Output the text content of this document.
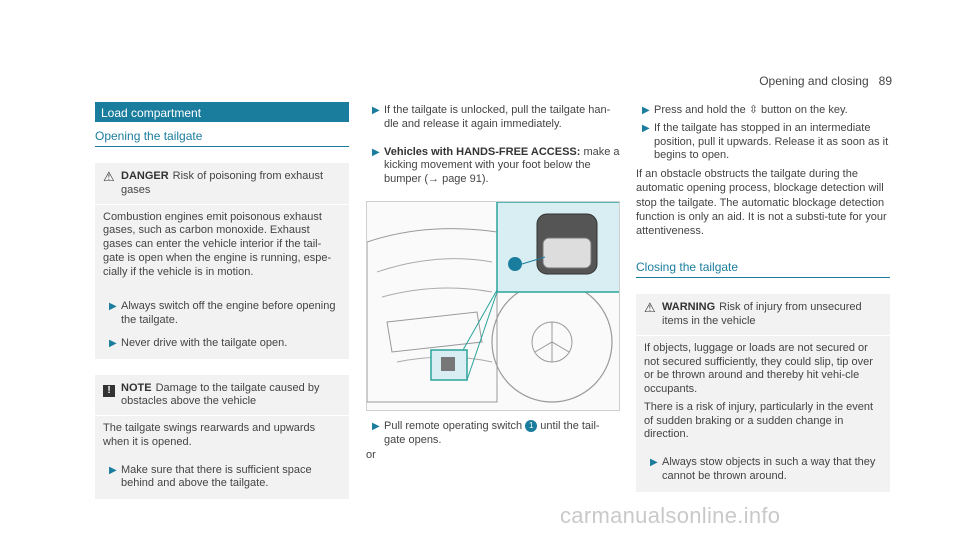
Opening and closing 89
Load compartment
Opening the tailgate
⚠ DANGER Risk of poisoning from exhaust gases

Combustion engines emit poisonous exhaust gases, such as carbon monoxide. Exhaust gases can enter the vehicle interior if the tail-gate is open when the engine is running, espe-cially if the vehicle is in motion.

▶ Always switch off the engine before opening the tailgate.
▶ Never drive with the tailgate open.
! NOTE Damage to the tailgate caused by obstacles above the vehicle

The tailgate swings rearwards and upwards when it is opened.

▶ Make sure that there is sufficient space behind and above the tailgate.
▶ If the tailgate is unlocked, pull the tailgate han-dle and release it again immediately.
▶ Vehicles with HANDS-FREE ACCESS: make a kicking movement with your foot below the bumper (→ page 91).
▶ Pull remote operating switch 1 until the tail-gate opens.
or
▶ Press and hold the ⇳ button on the key.
▶ If the tailgate has stopped in an intermediate position, pull it upwards. Release it as soon as it begins to open.

If an obstacle obstructs the tailgate during the automatic opening process, blockage detection will stop the tailgate. The automatic blockage detection function is only an aid. It is not a substi-tute for your attentiveness.

Closing the tailgate
⚠ WARNING Risk of injury from unsecured items in the vehicle

If objects, luggage or loads are not secured or not secured sufficiently, they could slip, tip over or be thrown around and thereby hit vehi-cle occupants.

There is a risk of injury, particularly in the event of sudden braking or a sudden change in direction.

▶ Always stow objects in such a way that they cannot be thrown around.
carmanualsonline.info
